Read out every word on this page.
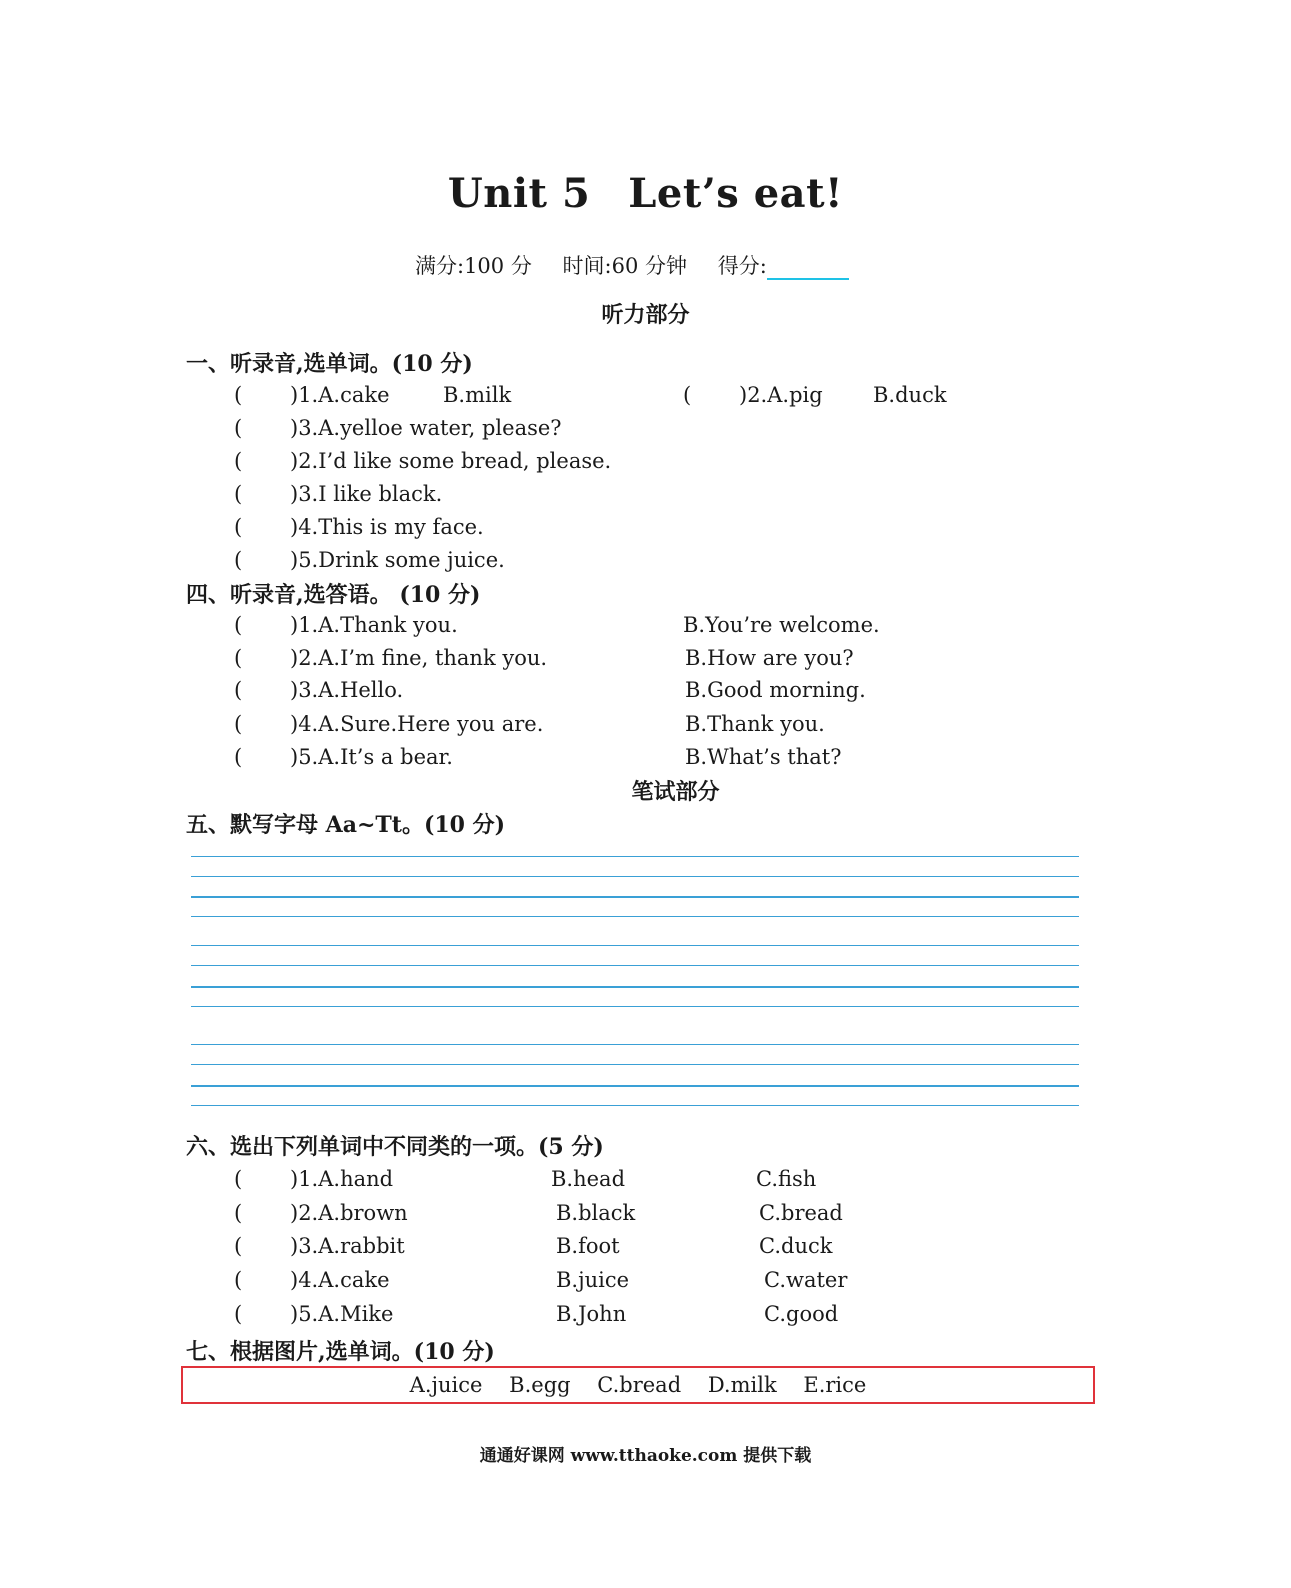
Unit 5 Let’s eat!
满分:100 分 时间:60 分钟 得分:
听力部分
一、听录音,选单词。(10 分)
( )1.A.cake	B.milk	( )2.A.pig B.duck
( )3.A.yelloe water, please?
( )2.I’d like some bread, please.
( )3.I like black.
( )4.This is my face.
( )5.Drink some juice.
四、听录音,选答语。 (10 分)
( )1.A.Thank you.	B.You’re welcome.
( )2.A.I’m fine, thank you.	B.How are you?
( )3.A.Hello.	B.Good morning.
( )4.A.Sure.Here you are.	B.Thank you.
( )5.A.It’s a bear.	B.What’s that?
笔试部分
五、默写字母 Aa~Tt。(10 分)
六、选出下列单词中不同类的一项。(5 分)
( )1.A.hand	B.head	C.fish
( )2.A.brown	B.black	C.bread
( )3.A.rabbit	B.foot	C.duck
( )4.A.cake	B.juice	C.water
( )5.A.Mike	B.John	C.good
七、根据图片,选单词。(10 分)
A.juice B.egg C.bread D.milk E.rice
通通好课网 www.tthaoke.com 提供下载
